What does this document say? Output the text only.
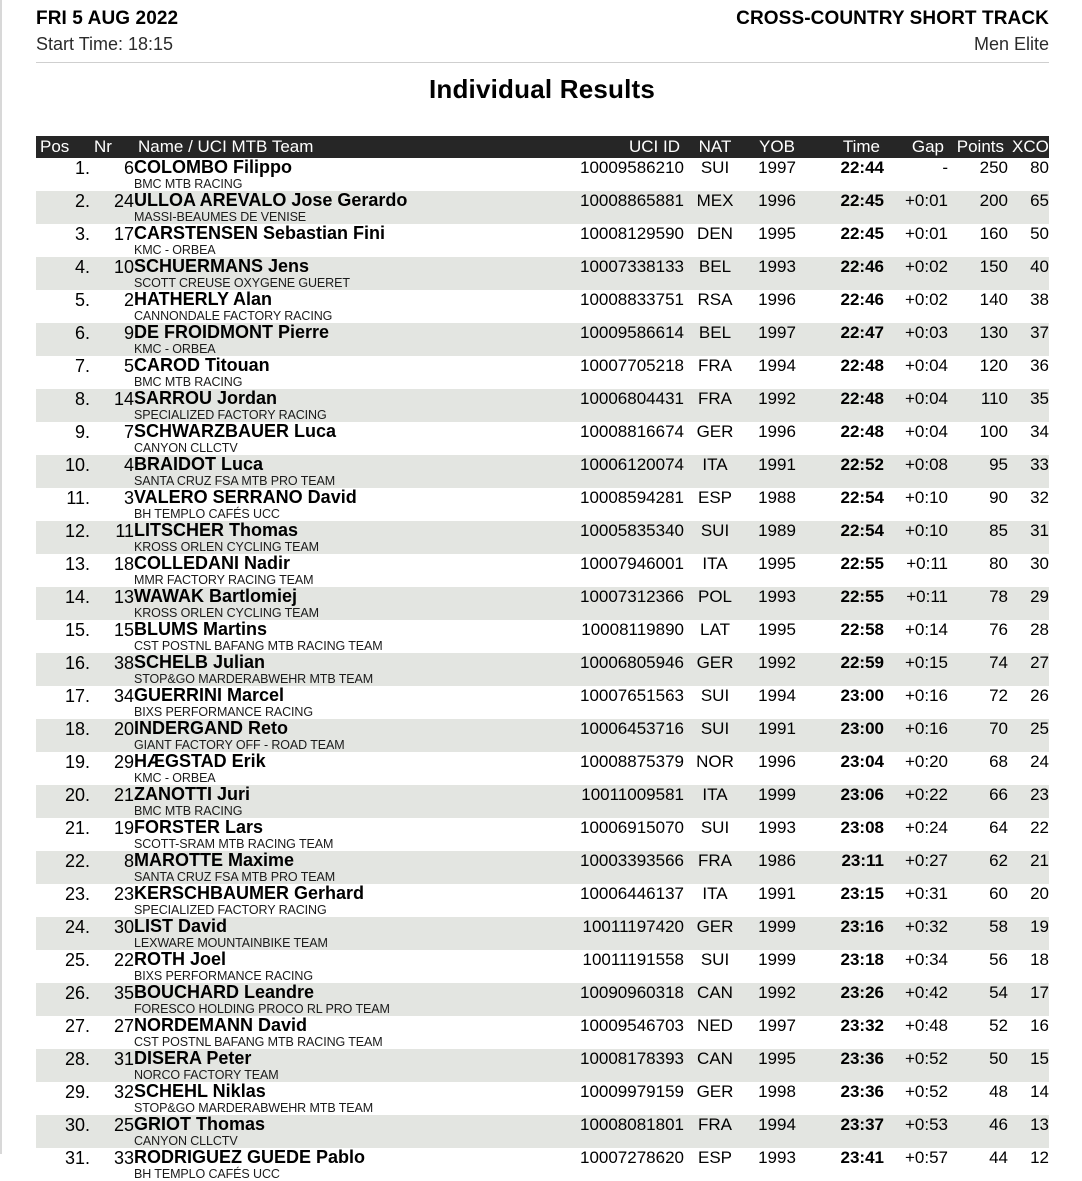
FRI 5 AUG 2022	CROSS-COUNTRY SHORT TRACK
Start Time: 18:15	Men Elite
Individual Results
Pos	Nr	Name / UCI MTB Team	UCI ID	NAT	YOB	Time	Gap	Points	XCO
1.	6	COLOMBO Filippo
BMC MTB RACING	10009586210	SUI	1997	22:44	-	250	80
2.	24	ULLOA AREVALO Jose Gerardo
MASSI-BEAUMES DE VENISE	10008865881	MEX	1996	22:45	+0:01	200	65
3.	17	CARSTENSEN Sebastian Fini
KMC - ORBEA	10008129590	DEN	1995	22:45	+0:01	160	50
4.	10	SCHUERMANS Jens
SCOTT CREUSE OXYGENE GUERET	10007338133	BEL	1993	22:46	+0:02	150	40
5.	2	HATHERLY Alan
CANNONDALE FACTORY RACING	10008833751	RSA	1996	22:46	+0:02	140	38
6.	9	DE FROIDMONT Pierre
KMC - ORBEA	10009586614	BEL	1997	22:47	+0:03	130	37
7.	5	CAROD Titouan
BMC MTB RACING	10007705218	FRA	1994	22:48	+0:04	120	36
8.	14	SARROU Jordan
SPECIALIZED FACTORY RACING	10006804431	FRA	1992	22:48	+0:04	110	35
9.	7	SCHWARZBAUER Luca
CANYON CLLCTV	10008816674	GER	1996	22:48	+0:04	100	34
10.	4	BRAIDOT Luca
SANTA CRUZ FSA MTB PRO TEAM	10006120074	ITA	1991	22:52	+0:08	95	33
11.	3	VALERO SERRANO David
BH TEMPLO CAFÉS UCC	10008594281	ESP	1988	22:54	+0:10	90	32
12.	11	LITSCHER Thomas
KROSS ORLEN CYCLING TEAM	10005835340	SUI	1989	22:54	+0:10	85	31
13.	18	COLLEDANI Nadir
MMR FACTORY RACING TEAM	10007946001	ITA	1995	22:55	+0:11	80	30
14.	13	WAWAK Bartlomiej
KROSS ORLEN CYCLING TEAM	10007312366	POL	1993	22:55	+0:11	78	29
15.	15	BLUMS Martins
CST POSTNL BAFANG MTB RACING TEAM	10008119890	LAT	1995	22:58	+0:14	76	28
16.	38	SCHELB Julian
STOP&GO MARDERABWEHR MTB TEAM	10006805946	GER	1992	22:59	+0:15	74	27
17.	34	GUERRINI Marcel
BIXS PERFORMANCE RACING	10007651563	SUI	1994	23:00	+0:16	72	26
18.	20	INDERGAND Reto
GIANT FACTORY OFF - ROAD TEAM	10006453716	SUI	1991	23:00	+0:16	70	25
19.	29	HÆGSTAD Erik
KMC - ORBEA	10008875379	NOR	1996	23:04	+0:20	68	24
20.	21	ZANOTTI Juri
BMC MTB RACING	10011009581	ITA	1999	23:06	+0:22	66	23
21.	19	FORSTER Lars
SCOTT-SRAM MTB RACING TEAM	10006915070	SUI	1993	23:08	+0:24	64	22
22.	8	MAROTTE Maxime
SANTA CRUZ FSA MTB PRO TEAM	10003393566	FRA	1986	23:11	+0:27	62	21
23.	23	KERSCHBAUMER Gerhard
SPECIALIZED FACTORY RACING	10006446137	ITA	1991	23:15	+0:31	60	20
24.	30	LIST David
LEXWARE MOUNTAINBIKE TEAM	10011197420	GER	1999	23:16	+0:32	58	19
25.	22	ROTH Joel
BIXS PERFORMANCE RACING	10011191558	SUI	1999	23:18	+0:34	56	18
26.	35	BOUCHARD Leandre
FORESCO HOLDING PROCO RL PRO TEAM	10090960318	CAN	1992	23:26	+0:42	54	17
27.	27	NORDEMANN David
CST POSTNL BAFANG MTB RACING TEAM	10009546703	NED	1997	23:32	+0:48	52	16
28.	31	DISERA Peter
NORCO FACTORY TEAM	10008178393	CAN	1995	23:36	+0:52	50	15
29.	32	SCHEHL Niklas
STOP&GO MARDERABWEHR MTB TEAM	10009979159	GER	1998	23:36	+0:52	48	14
30.	25	GRIOT Thomas
CANYON CLLCTV	10008081801	FRA	1994	23:37	+0:53	46	13
31.	33	RODRIGUEZ GUEDE Pablo
BH TEMPLO CAFÉS UCC	10007278620	ESP	1993	23:41	+0:57	44	12
